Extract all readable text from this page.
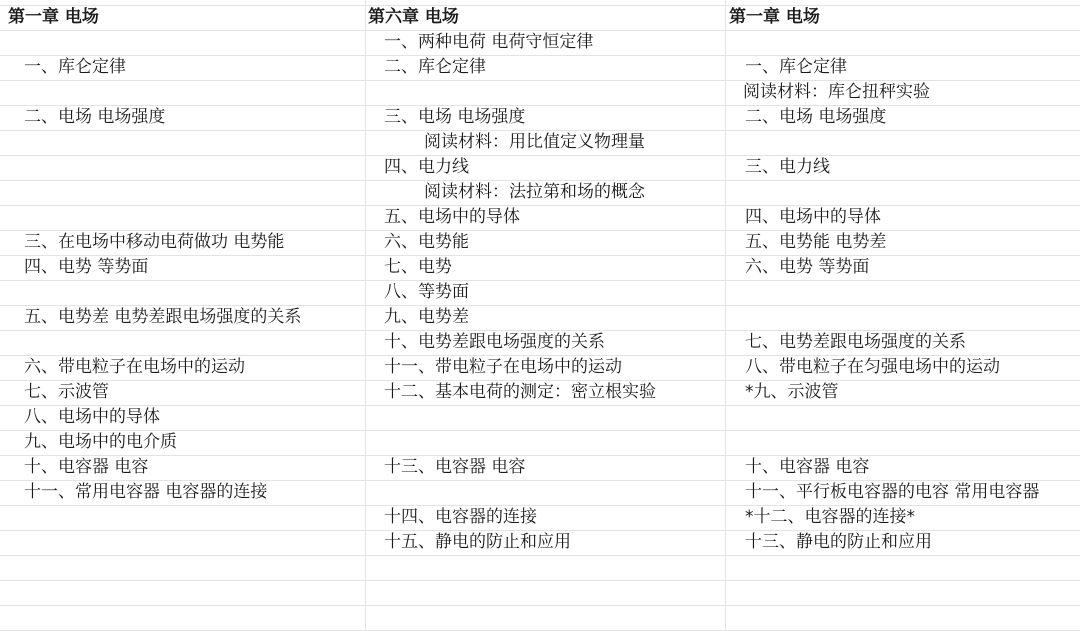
第一章 电场
一、库仑定律
二、电场 电场强度
三、在电场中移动电荷做功 电势能
四、电势 等势面
五、电势差 电势差跟电场强度的关系
六、带电粒子在电场中的运动
七、示波管
八、电场中的导体
九、电场中的电介质
十、电容器 电容
十一、常用电容器 电容器的连接
第六章 电场
一、两种电荷 电荷守恒定律
二、库仑定律
三、电场 电场强度
阅读材料：用比值定义物理量
四、电力线
阅读材料：法拉第和场的概念
五、电场中的导体
六、电势能
七、电势
八、等势面
九、电势差
十、电势差跟电场强度的关系
十一、带电粒子在电场中的运动
十二、基本电荷的测定：密立根实验
十三、电容器 电容
十四、电容器的连接
十五、静电的防止和应用
第一章 电场
一、库仑定律
阅读材料：库仑扭秤实验
二、电场 电场强度
三、电力线
四、电场中的导体
五、电势能 电势差
六、电势 等势面
七、电势差跟电场强度的关系
八、带电粒子在匀强电场中的运动
*九、示波管
十、电容器 电容
十一、平行板电容器的电容 常用电容器
*十二、电容器的连接*
十三、静电的防止和应用
